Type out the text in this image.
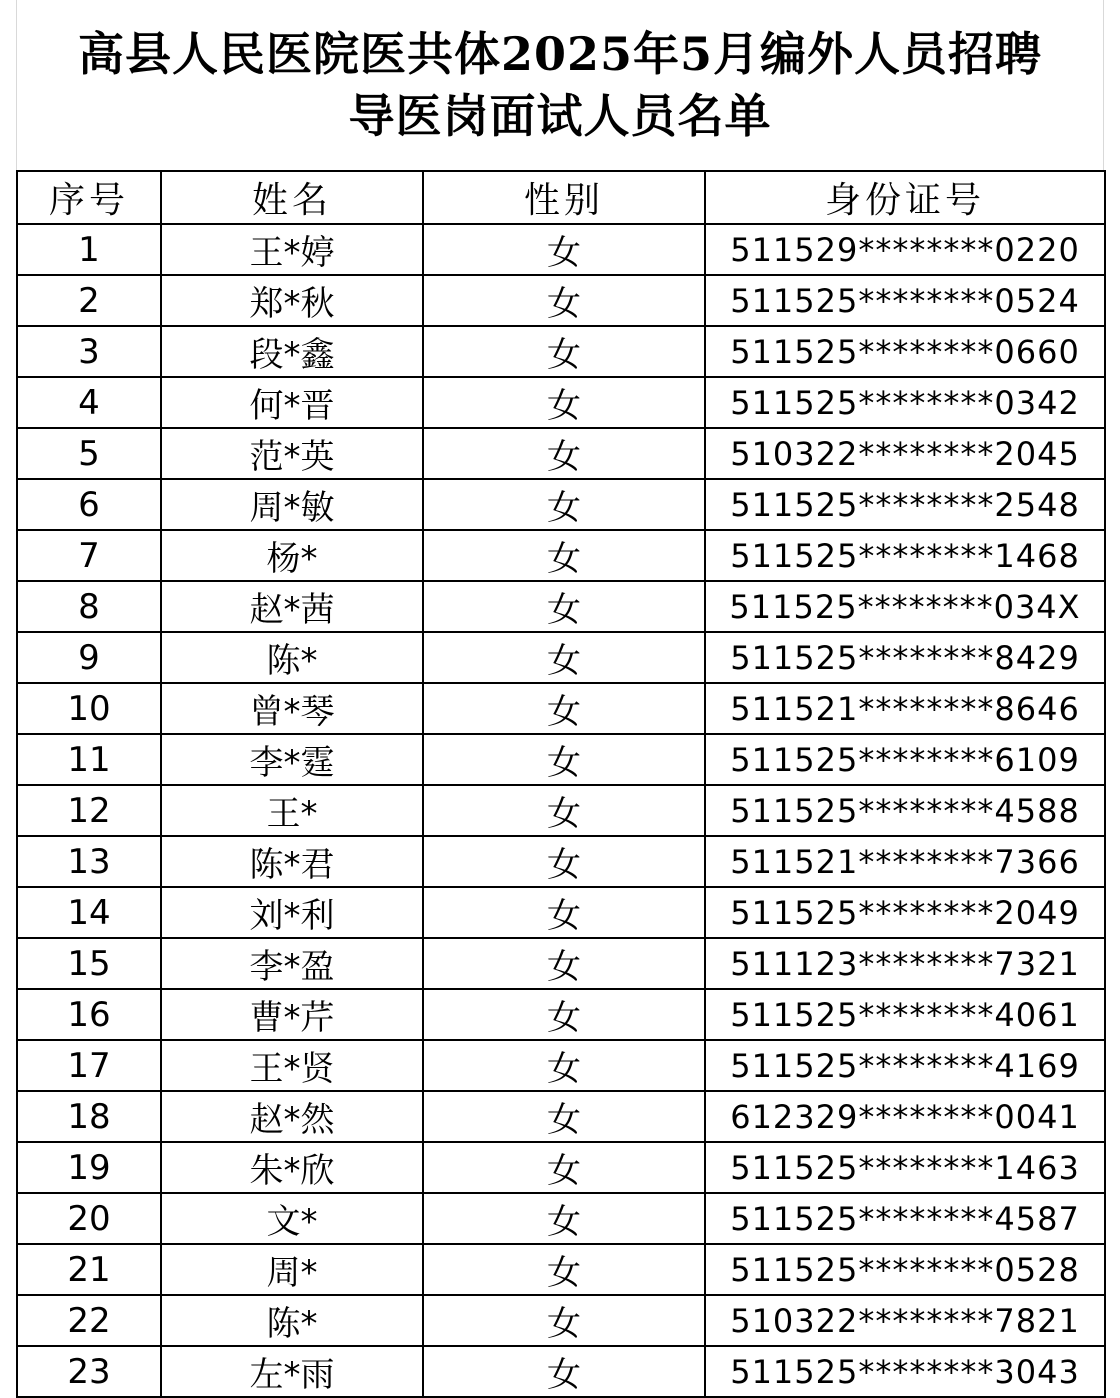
高县人民医院医共体2025年5月编外人员招聘
导医岗面试人员名单
序号	姓名	性别	身份证号
1	王*婷	女	511529********0220
2	郑*秋	女	511525********0524
3	段*鑫	女	511525********0660
4	何*晋	女	511525********0342
5	范*英	女	510322********2045
6	周*敏	女	511525********2548
7	杨*	女	511525********1468
8	赵*茜	女	511525********034X
9	陈*	女	511525********8429
10	曾*琴	女	511521********8646
11	李*霆	女	511525********6109
12	王*	女	511525********4588
13	陈*君	女	511521********7366
14	刘*利	女	511525********2049
15	李*盈	女	511123********7321
16	曹*芹	女	511525********4061
17	王*贤	女	511525********4169
18	赵*然	女	612329********0041
19	朱*欣	女	511525********1463
20	文*	女	511525********4587
21	周*	女	511525********0528
22	陈*	女	510322********7821
23	左*雨	女	511525********3043
